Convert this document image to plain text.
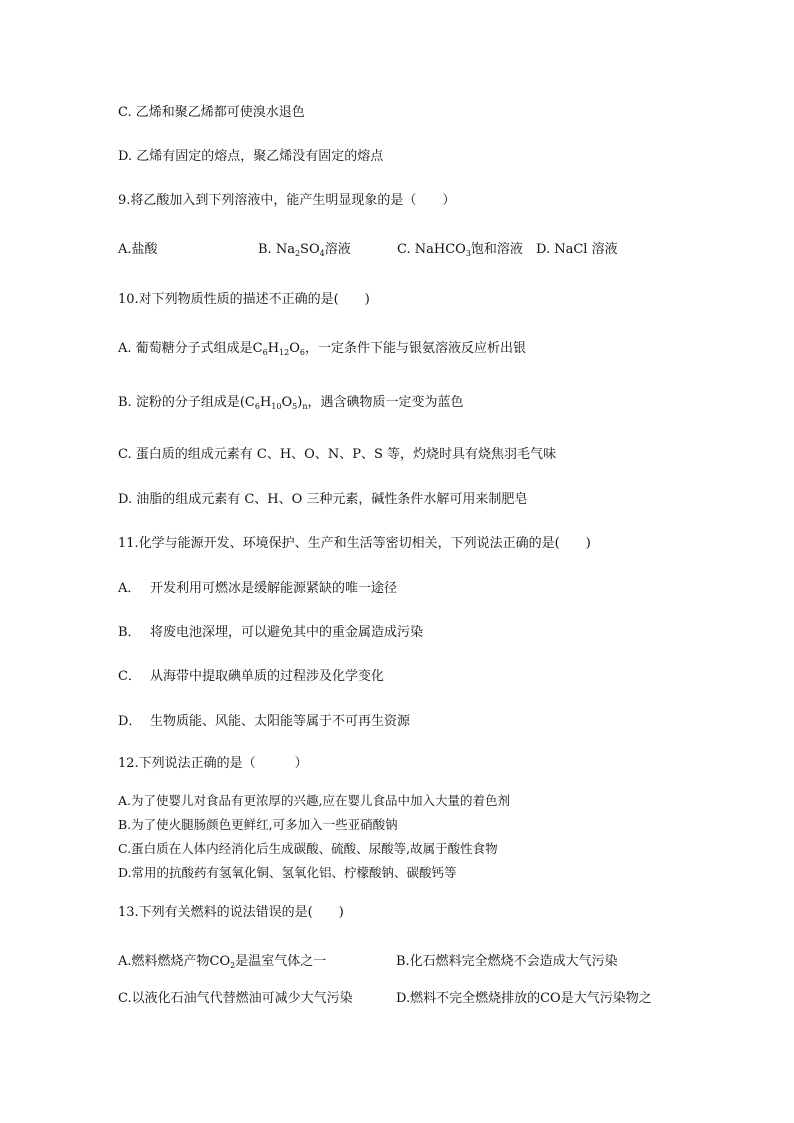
C. 乙烯和聚乙烯都可使溴水退色
D. 乙烯有固定的熔点，聚乙烯没有固定的熔点
9.将乙酸加入到下列溶液中，能产生明显现象的是（　　）
A.盐酸	B. $Na_2SO_4$溶液	C. NaHCO$_3$饱和溶液 D. NaCl 溶液
10.对下列物质性质的描述不正确的是(　　)
A. 葡萄糖分子式组成是$C_6H_{12}O_6$，一定条件下能与银氨溶液反应析出银
B. 淀粉的分子组成是$(C_6H_{10}O_5)_n$，遇含碘物质一定变为蓝色
C. 蛋白质的组成元素有 C、H、O、N、P、S 等，灼烧时具有烧焦羽毛气味
D. 油脂的组成元素有 C、H、O 三种元素，碱性条件水解可用来制肥皂
11.化学与能源开发、环境保护、生产和生活等密切相关，下列说法正确的是(　　)
A． 开发利用可燃冰是缓解能源紧缺的唯一途径
B． 将废电池深埋，可以避免其中的重金属造成污染
C． 从海带中提取碘单质的过程涉及化学变化
D． 生物质能、风能、太阳能等属于不可再生资源
12.下列说法正确的是（　　　）
A.为了使婴儿对食品有更浓厚的兴趣,应在婴儿食品中加入大量的着色剂
B.为了使火腿肠颜色更鲜红,可多加入一些亚硝酸钠
C.蛋白质在人体内经消化后生成碳酸、硫酸、尿酸等,故属于酸性食物
D.常用的抗酸药有氢氧化铜、氢氧化铝、柠檬酸钠、碳酸钙等
13.下列有关燃料的说法错误的是(　　)
A.燃料燃烧产物$CO_2$是温室气体之一	B.化石燃料完全燃烧不会造成大气污染
C.以液化石油气代替燃油可减少大气污染	D.燃料不完全燃烧排放的CO是大气污染物之
